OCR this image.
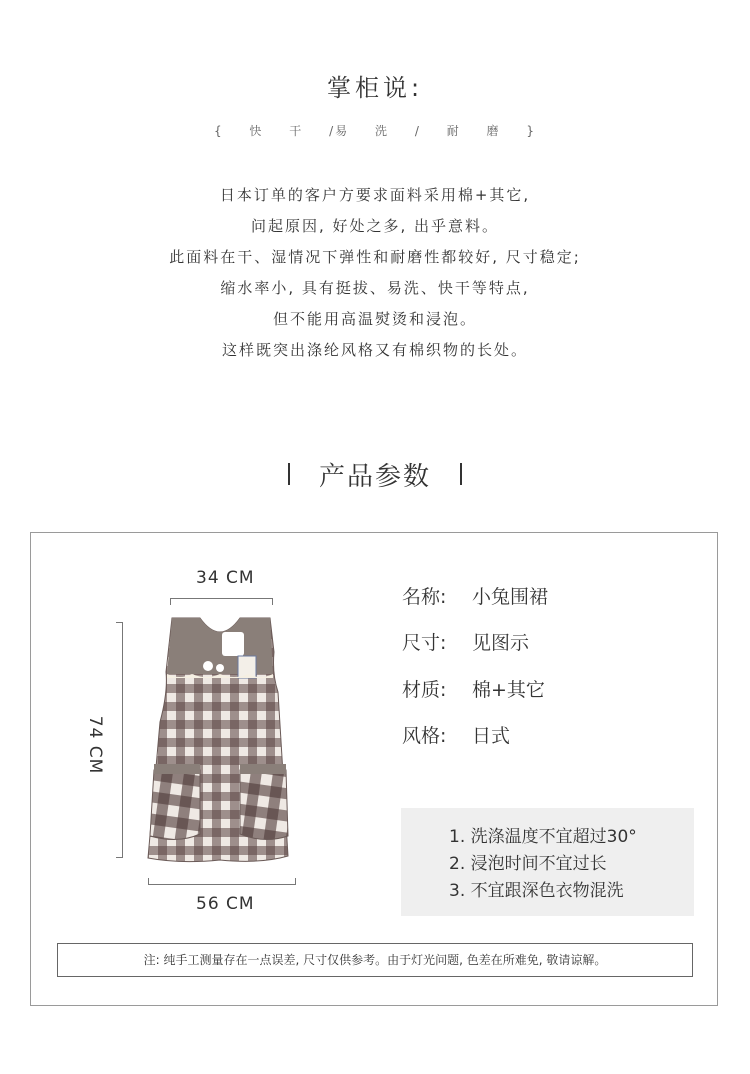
掌柜说:
{ 快 干 /易 洗 / 耐 磨 }
日本订单的客户方要求面料采用棉+其它,
问起原因, 好处之多, 出乎意料。
此面料在干、湿情况下弹性和耐磨性都较好, 尺寸稳定;
缩水率小, 具有挺拔、易洗、快干等特点,
但不能用高温熨烫和浸泡。
这样既突出涤纶风格又有棉织物的长处。
产品参数
34 CM
74 CM
56 CM
名称: 小兔围裙
尺寸: 见图示
材质: 棉+其它
风格: 日式
1. 洗涤温度不宜超过30°
2. 浸泡时间不宜过长
3. 不宜跟深色衣物混洗
注: 纯手工测量存在一点误差, 尺寸仅供参考。由于灯光问题, 色差在所难免, 敬请谅解。
